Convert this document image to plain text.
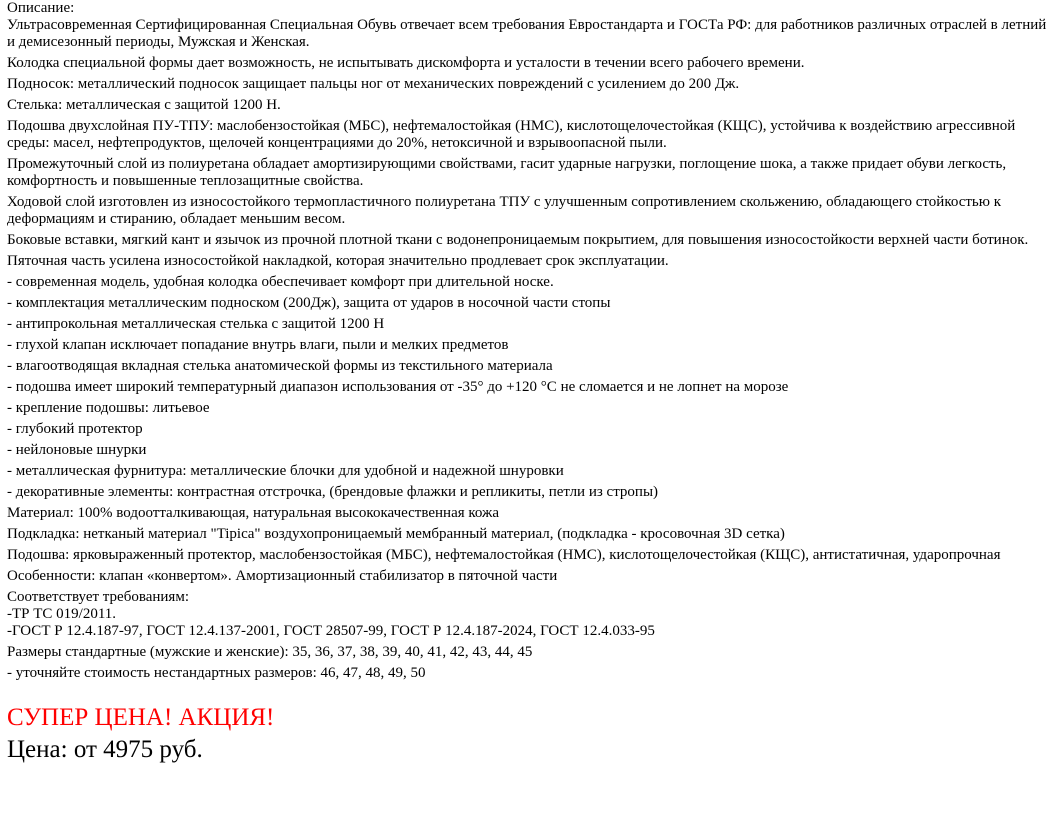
Описание:
Ультрасовременная Сертифицированная Специальная Обувь отвечает всем требования Евростандарта и ГОСТа РФ: для работников различных отраслей в летний и демисезонный периоды, Мужская и Женская.
Колодка специальной формы дает возможность, не испытывать дискомфорта и усталости в течении всего рабочего времени.
Подносок: металлический подносок защищает пальцы ног от механических повреждений с усилением до 200 Дж.
Стелька: металлическая с защитой 1200 Н.
Подошва двухслойная ПУ-ТПУ: маслобензостойкая (МБС), нефтемалостойкая (НМС), кислотощелочестойкая (КЩС), устойчива к воздействию агрессивной среды: масел, нефтепродуктов, щелочей концентрациями до 20%, нетоксичной и взрывоопасной пыли.
Промежуточный слой из полиуретана обладает амортизирующими свойствами, гасит ударные нагрузки, поглощение шока, а также придает обуви легкость, комфортность и повышенные теплозащитные свойства.
Ходовой слой изготовлен из износостойкого термопластичного полиуретана ТПУ с улучшенным сопротивлением скольжению, обладающего стойкостью к деформациям и стиранию, обладает меньшим весом.
Боковые вставки, мягкий кант и язычок из прочной плотной ткани с водонепроницаемым покрытием, для повышения износостойкости верхней части ботинок.
Пяточная часть усилена износостойкой накладкой, которая значительно продлевает срок эксплуатации.
- современная модель, удобная колодка обеспечивает комфорт при длительной носке.
- комплектация металлическим подноском (200Дж), защита от ударов в носочной части стопы
- антипрокольная металлическая стелька с защитой 1200 Н
- глухой клапан исключает попадание внутрь влаги, пыли и мелких предметов
- влагоотводящая вкладная стелька анатомической формы из текстильного материала
- подошва имеет широкий температурный диапазон использования от -35° до +120 °С не сломается и не лопнет на морозе
- крепление подошвы: литьевое
- глубокий протектор
- нейлоновые шнурки
- металлическая фурнитура: металлические блочки для удобной и надежной шнуровки
- декоративные элементы: контрастная отстрочка, (брендовые флажки и репликиты, петли из стропы)
Материал: 100% водоотталкивающая, натуральная высококачественная кожа
Подкладка: нетканый материал "Tipica" воздухопроницаемый мембранный материал, (подкладка - кросовочная 3D сетка)
Подошва: ярковыраженный протектор, маслобензостойкая (МБС), нефтемалостойкая (НМС), кислотощелочестойкая (КЩС), антистатичная, ударопрочная
Особенности: клапан «конвертом». Амортизационный стабилизатор в пяточной части
Соответствует требованиям:
-ТР ТС 019/2011.
-ГОСТ Р 12.4.187-97, ГОСТ 12.4.137-2001, ГОСТ 28507-99, ГОСТ Р 12.4.187-2024, ГОСТ 12.4.033-95
Размеры стандартные (мужские и женские): 35, 36, 37, 38, 39, 40, 41, 42, 43, 44, 45
- уточняйте стоимость нестандартных размеров: 46, 47, 48, 49, 50
СУПЕР ЦЕНА! АКЦИЯ!
Цена: от 4975 руб.
